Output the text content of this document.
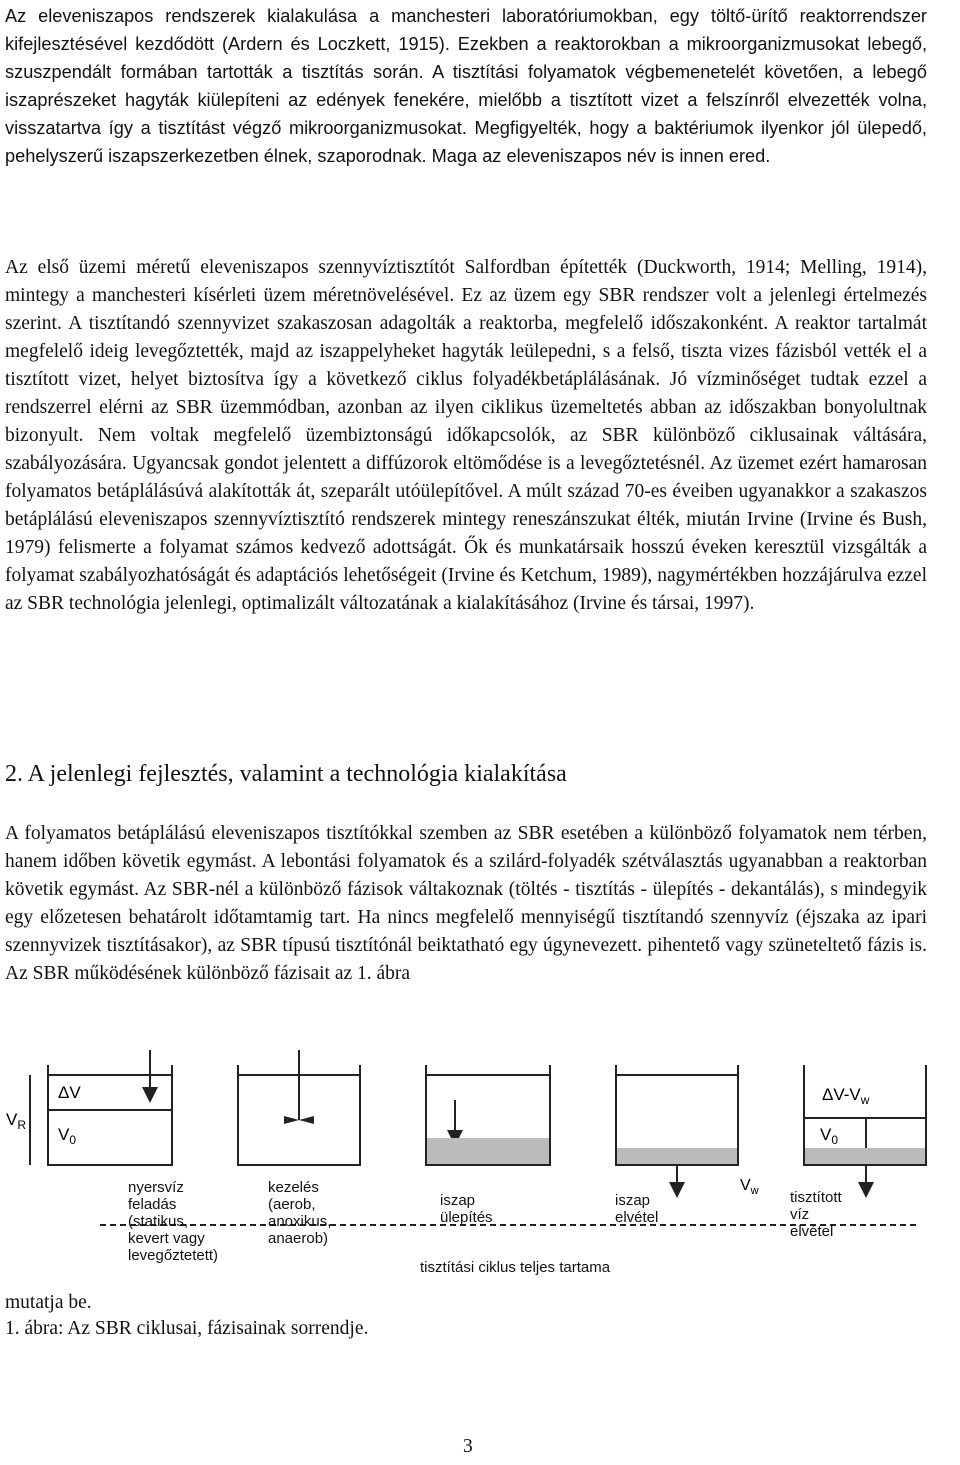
Az eleveniszapos rendszerek kialakulása a manchesteri laboratóriumokban, egy töltő-ürítő reaktorrendszer kifejlesztésével kezdődött (Ardern és Loczkett, 1915). Ezekben a reaktorokban a mikroorganizmusokat lebegő, szuszpendált formában tartották a tisztítás során. A tisztítási folyamatok végbemenetelét követően, a lebegő iszaprészeket hagyták kiülepíteni az edények fenekére, mielőbb a tisztított vizet a felszínről elvezették volna, visszatartva így a tisztítást végző mikroorganizmusokat. Megfigyelték, hogy a baktériumok ilyenkor jól ülepedő, pehelyszerű iszapszerkezetben élnek, szaporodnak. Maga az eleveniszapos név is innen ered.

Az első üzemi méretű eleveniszapos szennyvíztisztítót Salfordban építették (Duckworth, 1914; Melling, 1914), mintegy a manchesteri kísérleti üzem méretnövelésével. Ez az üzem egy SBR rendszer volt a jelenlegi értelmezés szerint. A tisztítandó szennyvizet szakaszosan adagolták a reaktorba, megfelelő időszakonként. A reaktor tartalmát megfelelő ideig levegőztették, majd az iszappelyheket hagyták leülepedni, s a felső, tiszta vizes fázisból vették el a tisztított vizet, helyet biztosítva így a következő ciklus folyadékbetáplálásának. Jó vízminőséget tudtak ezzel a rendszerrel elérni az SBR üzemmódban, azonban az ilyen ciklikus üzemeltetés abban az időszakban bonyolultnak bizonyult. Nem voltak megfelelő üzembiztonságú időkapcsolók, az SBR különböző ciklusainak váltására, szabályozására. Ugyancsak gondot jelentett a diffúzorok eltömődése is a levegőztetésnél. Az üzemet ezért hamarosan folyamatos betáplálásúvá alakították át, szeparált utóülepítővel. A múlt század 70-es éveiben ugyanakkor a szakaszos betáplálású eleveniszapos szennyvíztisztító rendszerek mintegy reneszánszukat élték, miután Irvine (Irvine és Bush, 1979) felismerte a folyamat számos kedvező adottságát. Ők és munkatársaik hosszú éveken keresztül vizsgálták a folyamat szabályozhatóságát és adaptációs lehetőségeit (Irvine és Ketchum, 1989), nagymértékben hozzájárulva ezzel az SBR technológia jelenlegi, optimalizált változatának a kialakításához (Irvine és társai, 1997).

2. A jelenlegi fejlesztés, valamint a technológia kialakítása

A folyamatos betáplálású eleveniszapos tisztítókkal szemben az SBR esetében a különböző folyamatok nem térben, hanem időben követik egymást. A lebontási folyamatok és a szilárd-folyadék szétválasztás ugyanabban a reaktorban követik egymást. Az SBR-nél a különböző fázisok váltakoznak (töltés - tisztítás - ülepítés - dekantálás), s mindegyik egy előzetesen behatárolt időtamtamig tart. Ha nincs megfelelő mennyiségű tisztítandó szennyvíz (éjszaka az ipari szennyvizek tisztításakor), az SBR típusú tisztítónál beiktatható egy úgynevezett. pihentető vagy szüneteltető fázis is. Az SBR működésének különböző fázisait az 1. ábra

$V_R$
ΔV
$V_0$
$\Delta V-V_w$
$V_0$
$V_w$
nyersvíz
feladás
(statikus,
kevert vagy
levegőztetett)
kezelés
(aerob,
anoxikus,
anaerob)
iszap
ülepítés
iszap
elvétel
tisztított
víz
elvétel
tisztítási ciklus teljes tartama

mutatja be.

1. ábra: Az SBR ciklusai, fázisainak sorrendje.

3
